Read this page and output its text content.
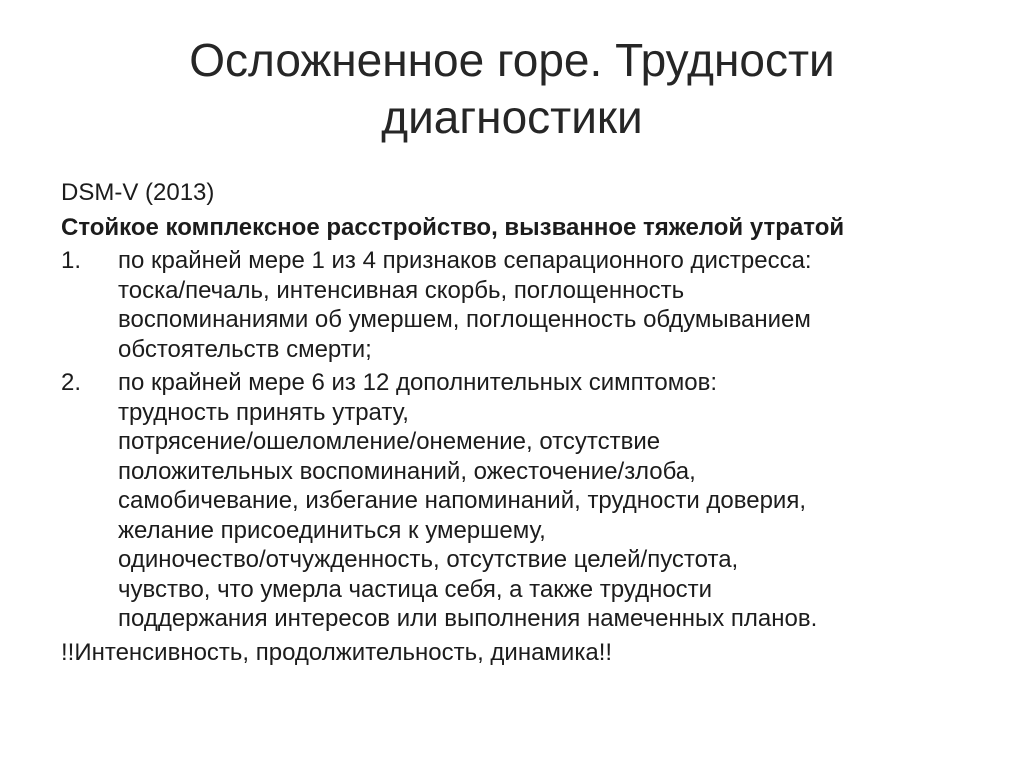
Осложненное горе. Трудности
диагностики
DSM-V (2013)
Стойкое комплексное расстройство, вызванное тяжелой утратой
1.	по крайней мере 1 из 4 признаков сепарационного дистресса:
тоска/печаль, интенсивная скорбь, поглощенность
воспоминаниями об умершем, поглощенность обдумыванием
обстоятельств смерти;
2.	по крайней мере 6 из 12 дополнительных симптомов:
трудность принять утрату,
потрясение/ошеломление/онемение, отсутствие
положительных воспоминаний, ожесточение/злоба,
самобичевание, избегание напоминаний, трудности доверия,
желание присоединиться к умершему,
одиночество/отчужденность, отсутствие целей/пустота,
чувство, что умерла частица себя, а также трудности
поддержания интересов или выполнения намеченных планов.
!!Интенсивность, продолжительность, динамика!!
